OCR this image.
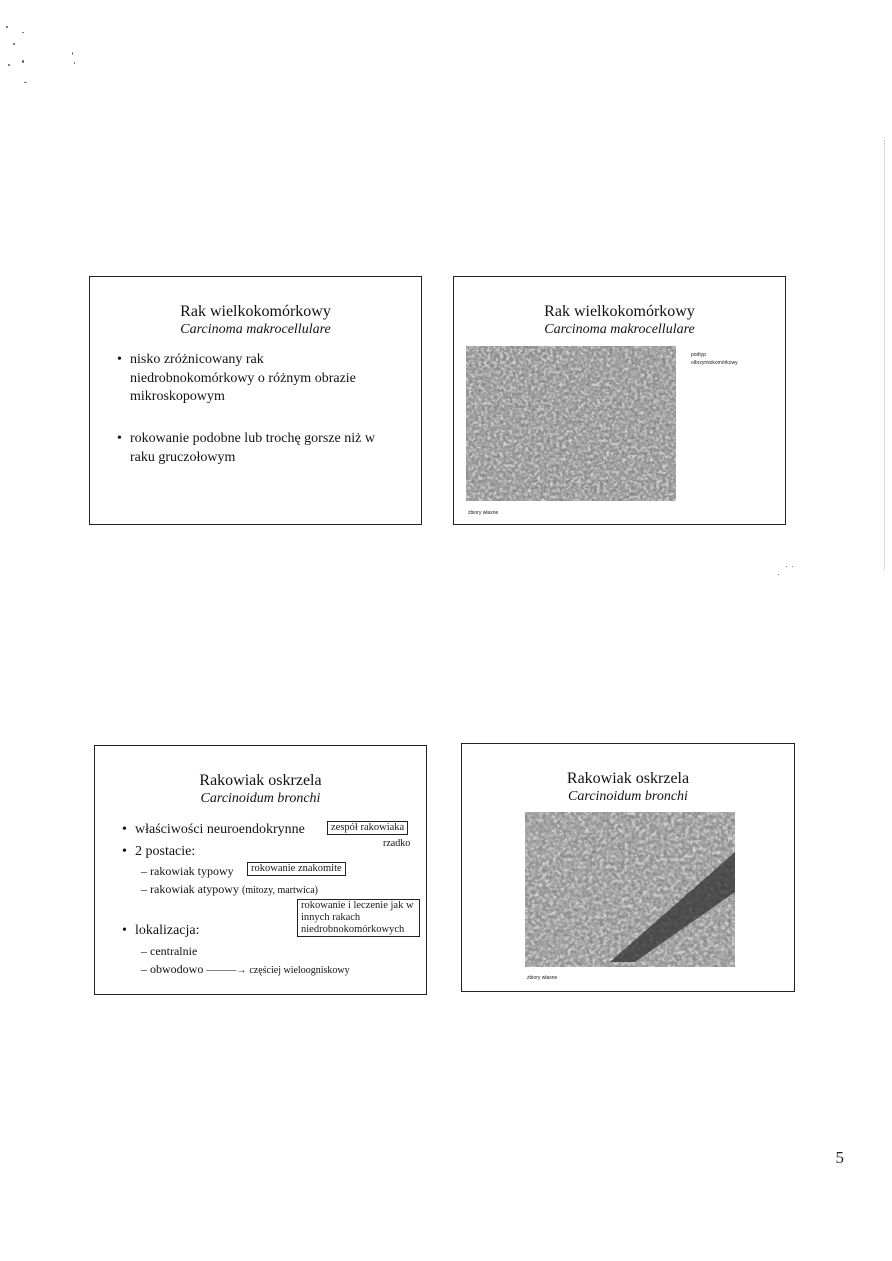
Rak wielkokomórkowy
Carcinoma makrocellulare
• nisko zróżnicowany rak niedrobnokomórkowy o różnym obrazie mikroskopowym
• rokowanie podobne lub trochę gorsze niż w raku gruczołowym
Rak wielkokomórkowy
Carcinoma makrocellulare
podtyp
olbrzymiokomórkowy
zbiory własne
Rakowiak oskrzela
Carcinoidum bronchi
• właściwości neuroendokrynne	zespół rakowiaka
rzadko
• 2 postacie:
– rakowiak typowy	rokowanie znakomite
– rakowiak atypowy (mitozy, martwica)
rokowanie i leczenie jak w innych rakach niedrobnokomórkowych
• lokalizacja:
– centralnie
– obwodowo ———→ częściej wieloogniskowy
Rakowiak oskrzela
Carcinoidum bronchi
zbiory własne
5
